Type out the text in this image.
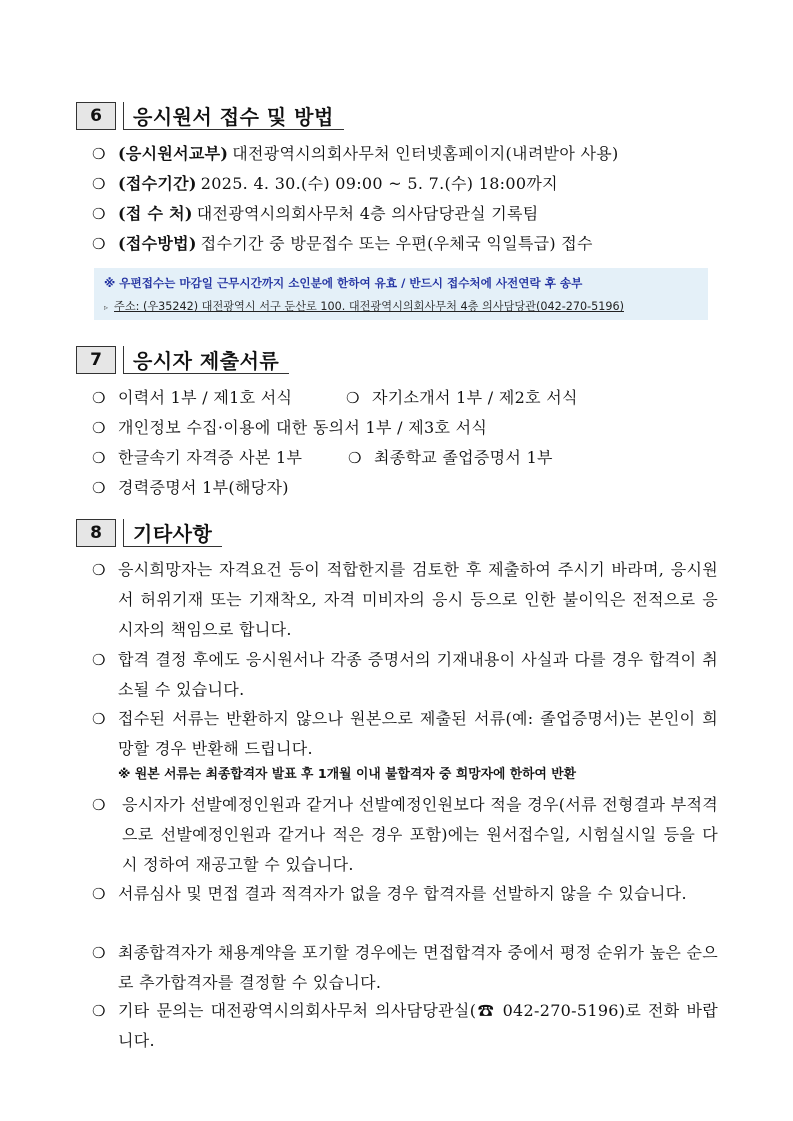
6	응시원서 접수 및 방법
❍ (응시원서교부) 대전광역시의회사무처 인터넷홈페이지(내려받아 사용)
❍ (접수기간) 2025. 4. 30.(수) 09:00 ~ 5. 7.(수) 18:00까지
❍ (접 수 처) 대전광역시의회사무처 4층 의사담당관실 기록팀
❍ (접수방법) 접수기간 중 방문접수 또는 우편(우체국 익일특급) 접수
※ 우편접수는 마감일 근무시간까지 소인분에 한하여 유효 / 반드시 접수처에 사전연락 후 송부
▹ 주소: (우35242) 대전광역시 서구 둔산로 100. 대전광역시의회사무처 4층 의사담당관(042-270-5196)
7	응시자 제출서류
❍ 이력서 1부 / 제1호 서식	❍ 자기소개서 1부 / 제2호 서식
❍ 개인정보 수집·이용에 대한 동의서 1부 / 제3호 서식
❍ 한글속기 자격증 사본 1부	❍ 최종학교 졸업증명서 1부
❍ 경력증명서 1부(해당자)
8	기타사항
❍ 응시희망자는 자격요건 등이 적합한지를 검토한 후 제출하여 주시기 바라며, 응시원서 허위기재 또는 기재착오, 자격 미비자의 응시 등으로 인한 불이익은 전적으로 응시자의 책임으로 합니다.
❍ 합격 결정 후에도 응시원서나 각종 증명서의 기재내용이 사실과 다를 경우 합격이 취소될 수 있습니다.
❍ 접수된 서류는 반환하지 않으나 원본으로 제출된 서류(예: 졸업증명서)는 본인이 희망할 경우 반환해 드립니다.
※ 원본 서류는 최종합격자 발표 후 1개월 이내 불합격자 중 희망자에 한하여 반환
❍	응시자가 선발예정인원과 같거나 선발예정인원보다 적을 경우(서류 전형결과 부적격으로 선발예정인원과 같거나 적은 경우 포함)에는 원서접수일, 시험실시일 등을 다시 정하여 재공고할 수 있습니다.
❍ 서류심사 및 면접 결과 적격자가 없을 경우 합격자를 선발하지 않을 수 있습니다.
❍ 최종합격자가 채용계약을 포기할 경우에는 면접합격자 중에서 평정 순위가 높은 순으로 추가합격자를 결정할 수 있습니다.
❍ 기타 문의는 대전광역시의회사무처 의사담당관실(☎ 042-270-5196)로 전화 바랍니다.
